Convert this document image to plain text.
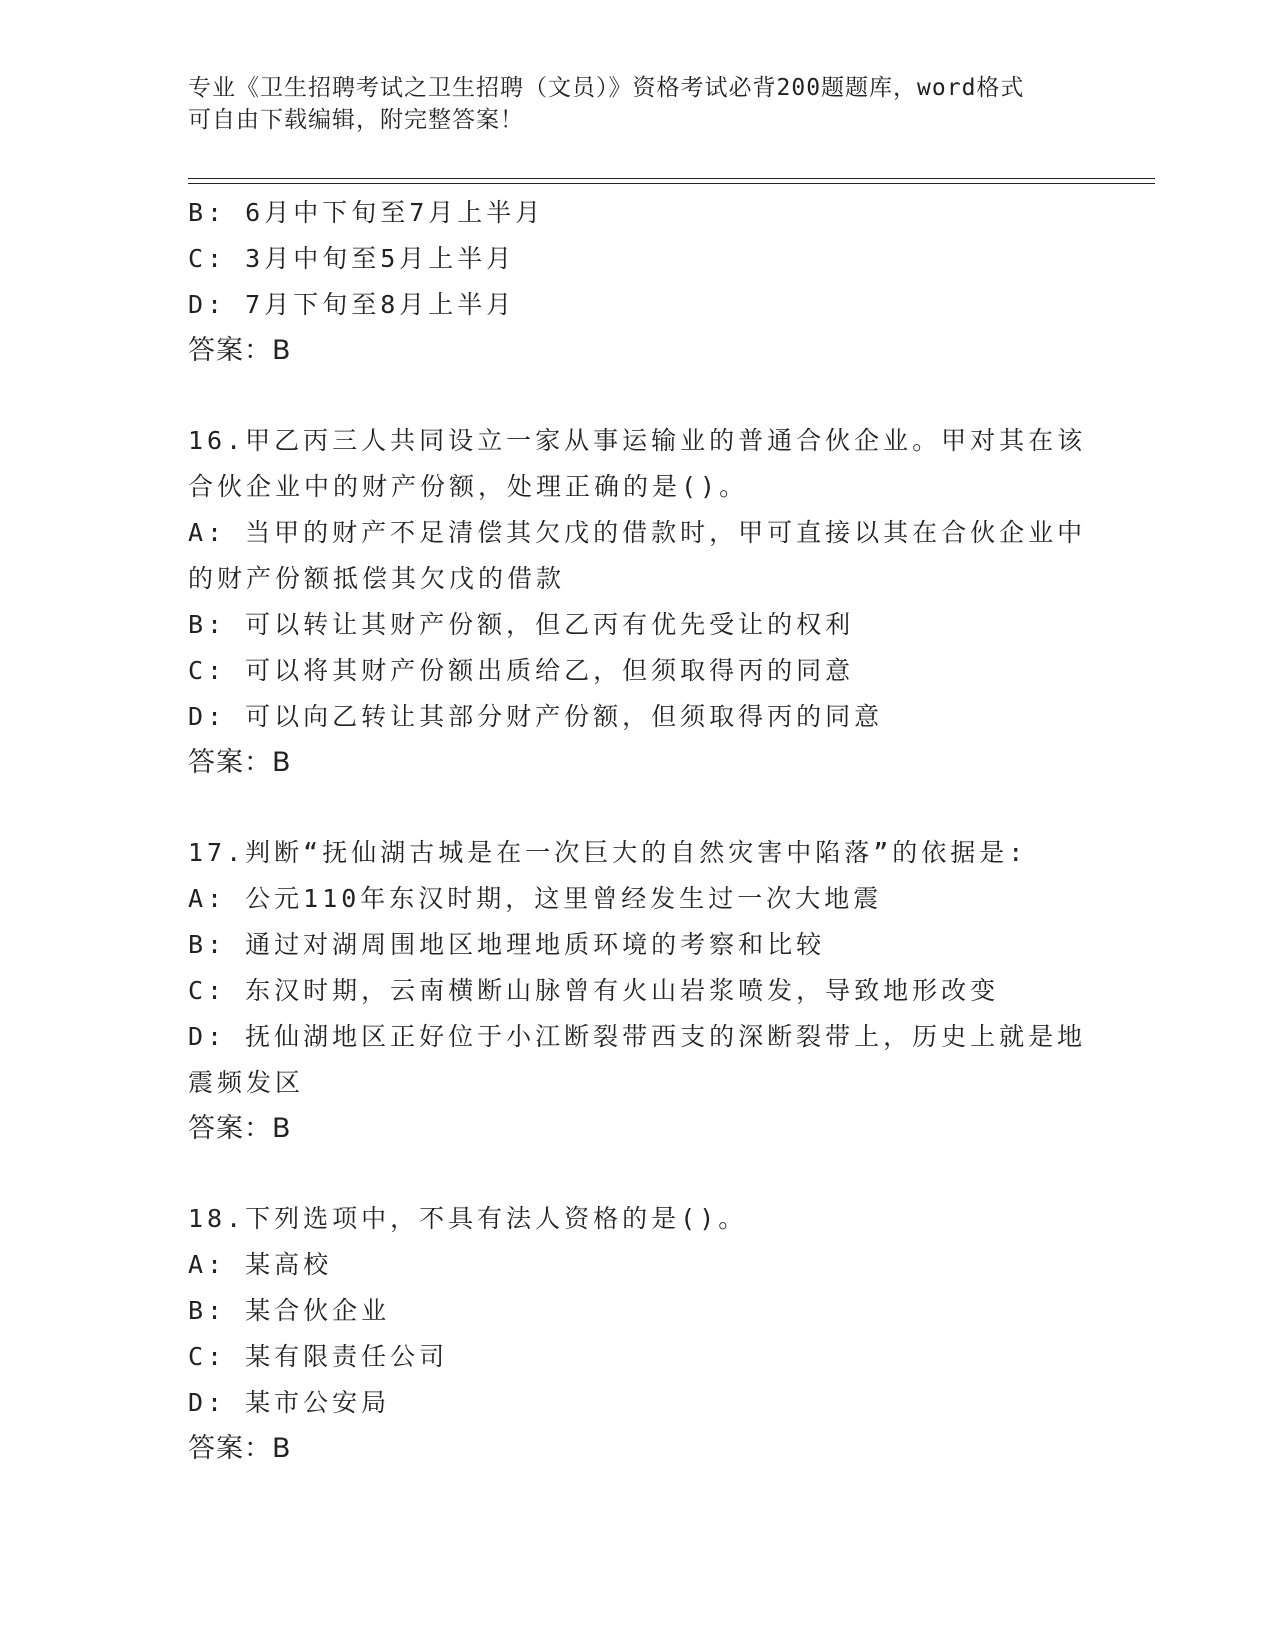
专业《卫生招聘考试之卫生招聘（文员）》资格考试必背200题题库，word格式
可自由下载编辑，附完整答案！
B: 6月中下旬至7月上半月
C: 3月中旬至5月上半月
D: 7月下旬至8月上半月
答案：B
16.甲乙丙三人共同设立一家从事运输业的普通合伙企业。甲对其在该
合伙企业中的财产份额，处理正确的是()。
A: 当甲的财产不足清偿其欠戊的借款时，甲可直接以其在合伙企业中
的财产份额抵偿其欠戊的借款
B: 可以转让其财产份额，但乙丙有优先受让的权利
C: 可以将其财产份额出质给乙，但须取得丙的同意
D: 可以向乙转让其部分财产份额，但须取得丙的同意
答案：B
17.判断“抚仙湖古城是在一次巨大的自然灾害中陷落”的依据是:
A: 公元110年东汉时期，这里曾经发生过一次大地震
B: 通过对湖周围地区地理地质环境的考察和比较
C: 东汉时期，云南横断山脉曾有火山岩浆喷发，导致地形改变
D: 抚仙湖地区正好位于小江断裂带西支的深断裂带上，历史上就是地
震频发区
答案：B
18.下列选项中，不具有法人资格的是()。
A: 某高校
B: 某合伙企业
C: 某有限责任公司
D: 某市公安局
答案：B
